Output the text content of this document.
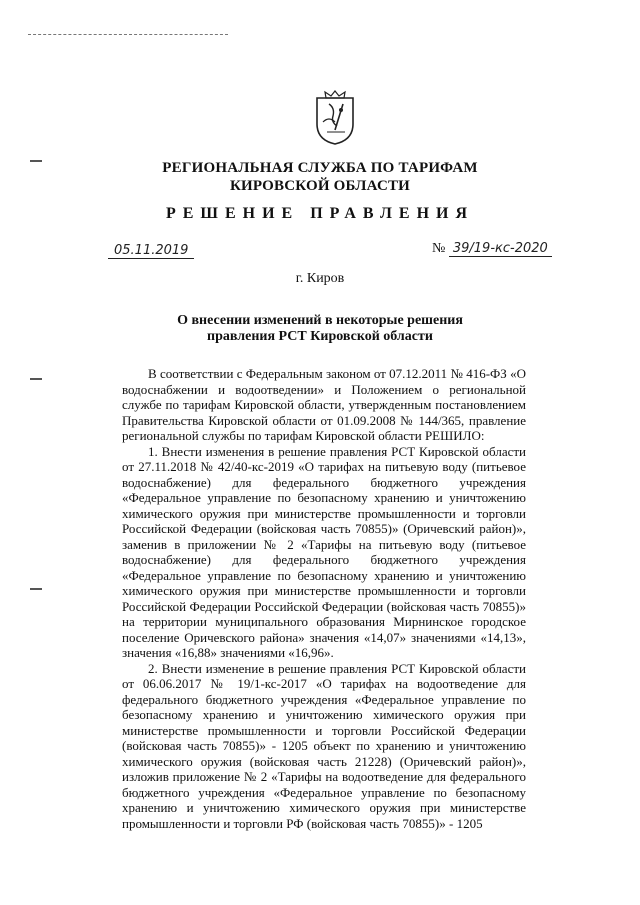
РЕГИОНАЛЬНАЯ СЛУЖБА ПО ТАРИФАМ
КИРОВСКОЙ ОБЛАСТИ
РЕШЕНИЕ ПРАВЛЕНИЯ
05.11.2019	№ 39/19-кс-2020
г. Киров
О внесении изменений в некоторые решения правления РСТ Кировской области

В соответствии с Федеральным законом от 07.12.2011 № 416-ФЗ «О водоснабжении и водоотведении» и Положением о региональной службе по тарифам Кировской области, утвержденным постановлением Правительства Кировской области от 01.09.2008 № 144/365, правление региональной службы по тарифам Кировской области РЕШИЛО:

1. Внести изменения в решение правления РСТ Кировской области от 27.11.2018 № 42/40-кс-2019 «О тарифах на питьевую воду (питьевое водоснабжение) для федерального бюджетного учреждения «Федеральное управление по безопасному хранению и уничтожению химического оружия при министерстве промышленности и торговли Российской Федерации (войсковая часть 70855)» (Оричевский район)», заменив в приложении № 2 «Тарифы на питьевую воду (питьевое водоснабжение) для федерального бюджетного учреждения «Федеральное управление по безопасному хранению и уничтожению химического оружия при министерстве промышленности и торговли Российской Федерации Российской Федерации (войсковая часть 70855)» на территории муниципального образования Мирнинское городское поселение Оричевского района» значения «14,07» значениями «14,13», значения «16,88» значениями «16,96».

2. Внести изменение в решение правления РСТ Кировской области от 06.06.2017 № 19/1-кс-2017 «О тарифах на водоотведение для федерального бюджетного учреждения «Федеральное управление по безопасному хранению и уничтожению химического оружия при министерстве промышленности и торговли Российской Федерации (войсковая часть 70855)» - 1205 объект по хранению и уничтожению химического оружия (войсковая часть 21228) (Оричевский район)», изложив приложение № 2 «Тарифы на водоотведение для федерального бюджетного учреждения «Федеральное управление по безопасному хранению и уничтожению химического оружия при министерстве промышленности и торговли РФ (войсковая часть 70855)» - 1205
